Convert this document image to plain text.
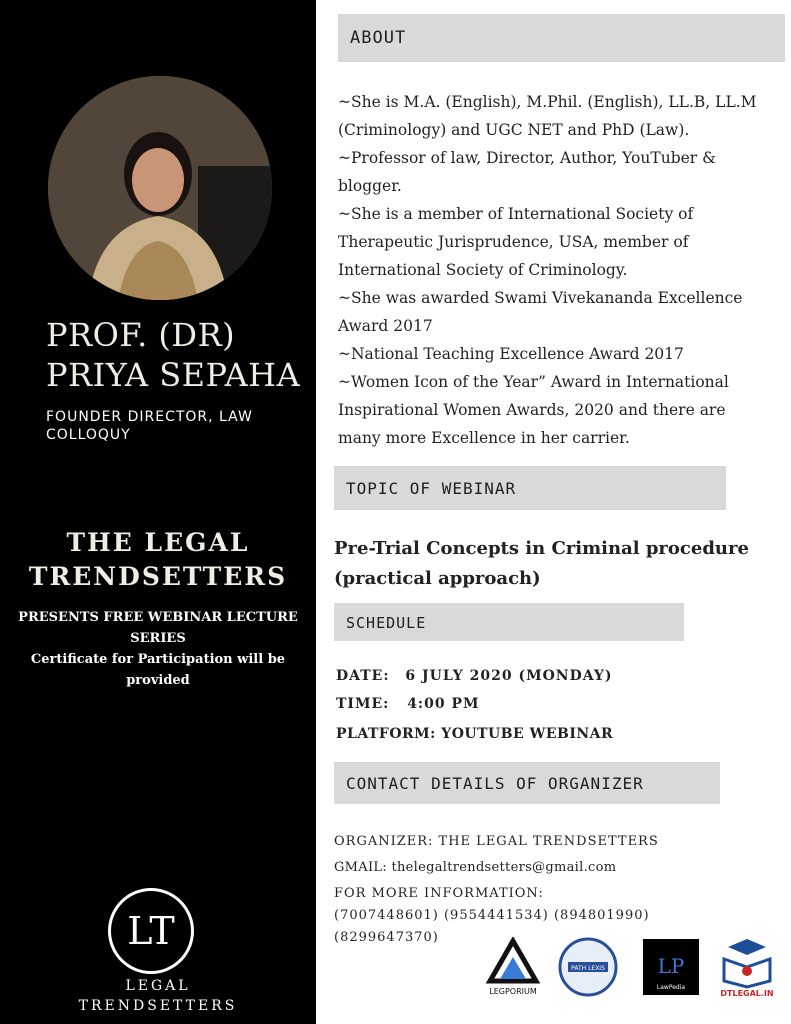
PROF. (DR)
PRIYA SEPAHA
FOUNDER DIRECTOR, LAW COLLOQUY
THE LEGAL
TRENDSETTERS
PRESENTS FREE WEBINAR LECTURE
SERIES
Certificate for Participation will be
provided
LT
LEGAL
TRENDSETTERS
ABOUT
~She is M.A. (English), M.Phil. (English), LL.B, LL.M
(Criminology) and UGC NET and PhD (Law).
~Professor of law, Director, Author, YouTuber &
blogger.
~She is a member of International Society of
Therapeutic Jurisprudence, USA, member of
International Society of Criminology.
~She was awarded Swami Vivekananda Excellence
Award 2017
~National Teaching Excellence Award 2017
~Women Icon of the Year” Award in International
Inspirational Women Awards, 2020 and there are
many more Excellence in her carrier.
TOPIC OF WEBINAR
Pre-Trial Concepts in Criminal procedure
(practical approach)
SCHEDULE
DATE: 6 JULY 2020 (MONDAY)
TIME: 4:00 PM
PLATFORM: YOUTUBE WEBINAR
CONTACT DETAILS OF ORGANIZER
ORGANIZER: THE LEGAL TRENDSETTERS
GMAIL: thelegaltrendsetters@gmail.com
FOR MORE INFORMATION:
(7007448601) (9554441534) (894801990)
(8299647370)
LEGPORIUM
PATH LEXIS	LP
LawPedia
DTLEGAL.IN
